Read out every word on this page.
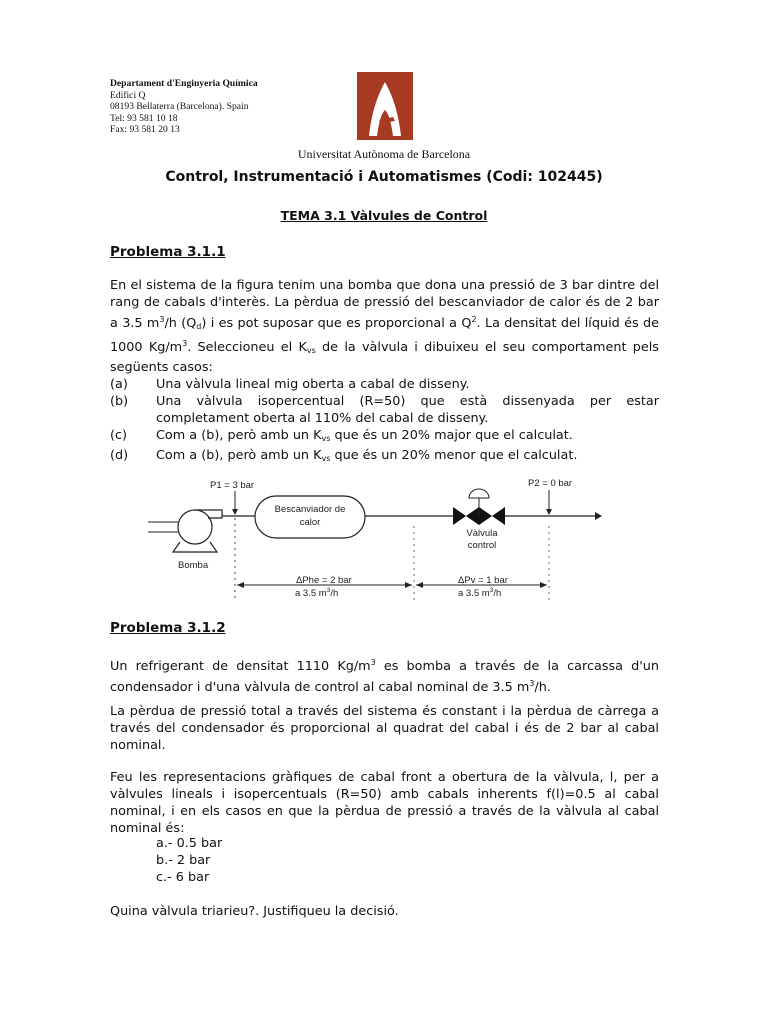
Departament d'Enginyeria Química
Edifici Q
08193 Bellaterra (Barcelona). Spain
Tel: 93 581 10 18
Fax: 93 581 20 13
Universitat Autònoma de Barcelona
Control, Instrumentació i Automatismes (Codi: 102445)
TEMA 3.1 Vàlvules de Control
Problema 3.1.1

En el sistema de la figura tenim una bomba que dona una pressió de 3 bar dintre del rang de cabals d'interès. La pèrdua de pressió del bescanviador de calor és de 2 bar a 3.5 $m^3/h$ $(Q_d)$ i es pot suposar que es proporcional a $Q^2$. La densitat del líquid és de 1000 $Kg/m^3$. Seleccioneu el $K_{vs}$ de la vàlvula i dibuixeu el seu comportament pels següents casos:

(a)	Una vàlvula lineal mig oberta a cabal de disseny.
(b)	Una vàlvula isopercentual (R=50) que està dissenyada per estar completament oberta al 110% del cabal de disseny.
(c)	Com a (b), però amb un $K_{vs}$ que és un 20% major que el calculat.
(d)	Com a (b), però amb un $K_{vs}$ que és un 20% menor que el calculat.
Bomba
Bescanviador de
calor
Vàlvula
control
P1 = 3 bar	P2 = 0 bar
ΔPhe = 2 bar
a 3.5 $m^3/h$
ΔPv = 1 bar
a 3.5 $m^3/h$
Problema 3.1.2

Un refrigerant de densitat 1110 $Kg/m^3$ es bomba a través de la carcassa d'un condensador i d'una vàlvula de control al cabal nominal de 3.5 $m^3/h$.

La pèrdua de pressió total a través del sistema és constant i la pèrdua de càrrega a través del condensador és proporcional al quadrat del cabal i és de 2 bar al cabal nominal.

Feu les representacions gràfiques de cabal front a obertura de la vàlvula, l, per a vàlvules lineals i isopercentuals (R=50) amb cabals inherents f(l)=0.5 al cabal nominal, i en els casos en que la pèrdua de pressió a través de la vàlvula al cabal nominal és:

a.- 0.5 bar
b.- 2 bar
c.- 6 bar

Quina vàlvula triarieu?. Justifiqueu la decisió.
